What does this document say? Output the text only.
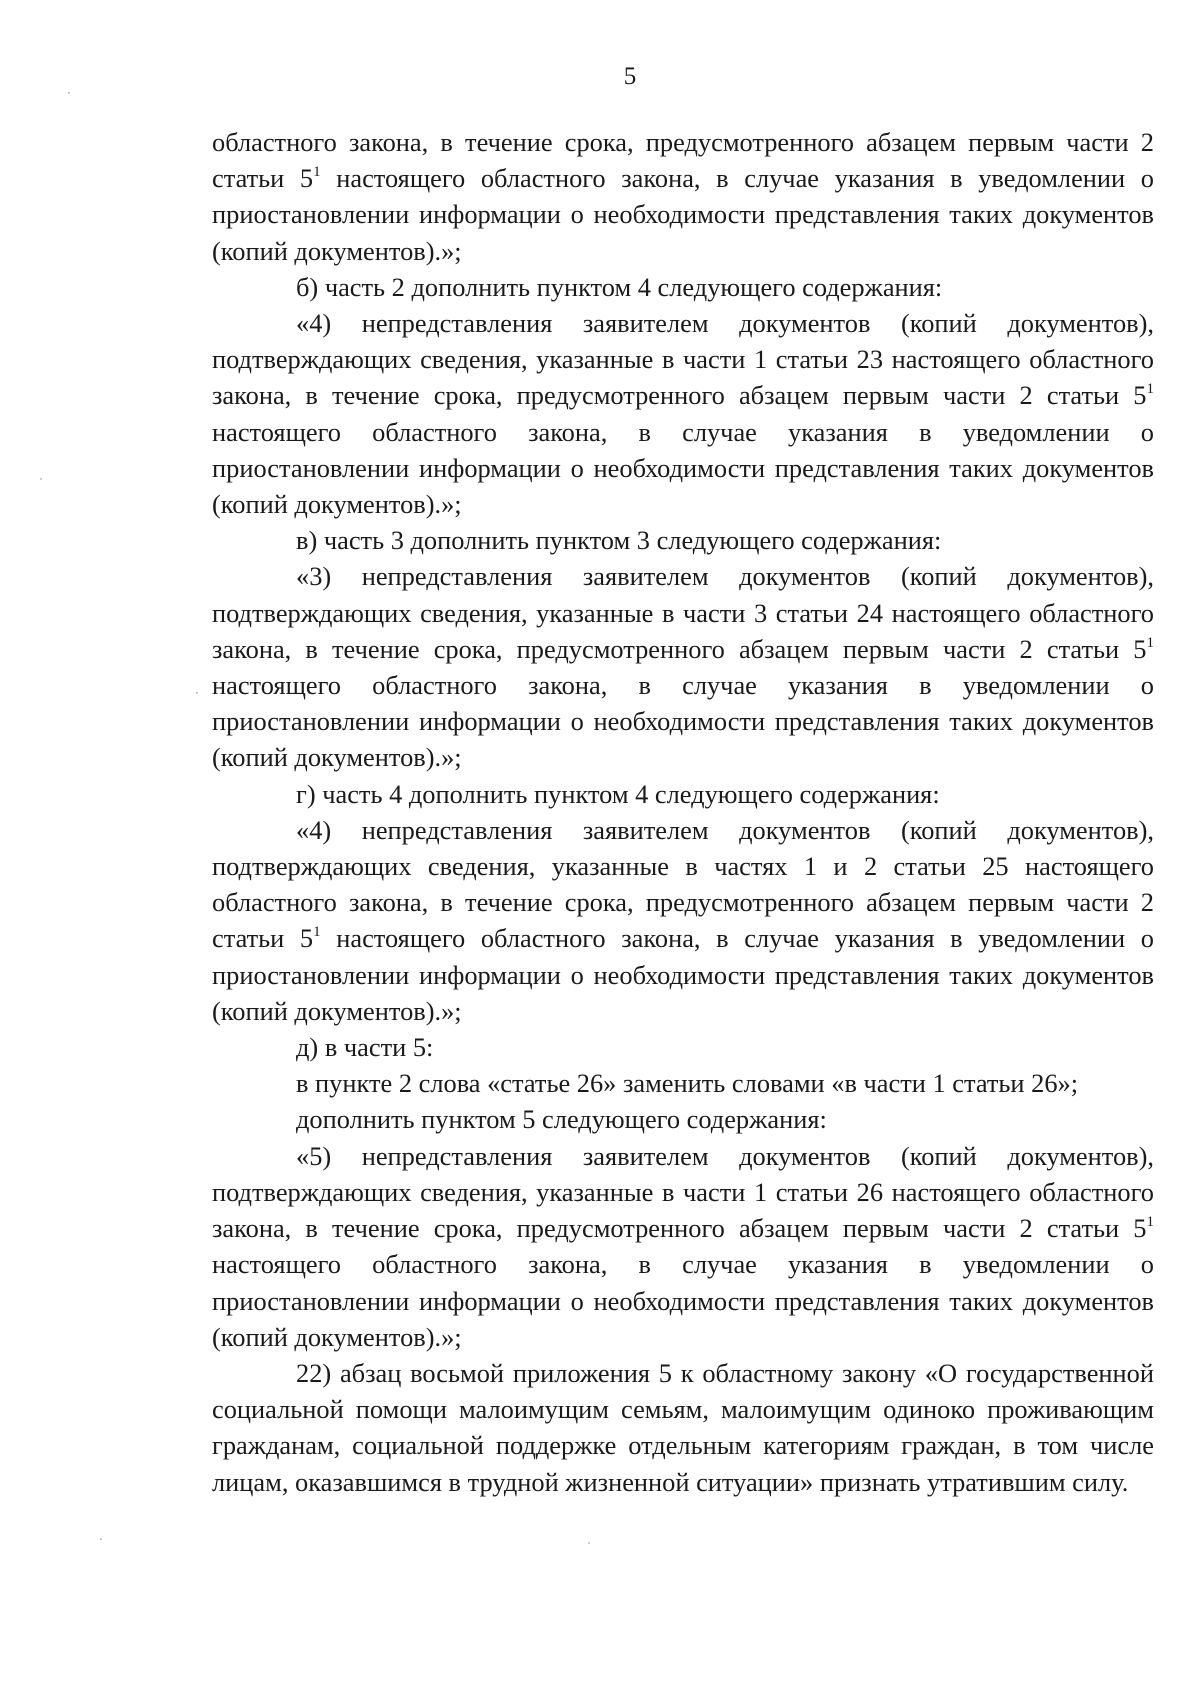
5

областного закона, в течение срока, предусмотренного абзацем первым части 2 статьи $5^1$ настоящего областного закона, в случае указания в уведомлении о приостановлении информации о необходимости представления таких документов (копий документов).»;

б) часть 2 дополнить пунктом 4 следующего содержания:

«4) непредставления заявителем документов (копий документов), подтверждающих сведения, указанные в части 1 статьи 23 настоящего областного закона, в течение срока, предусмотренного абзацем первым части 2 статьи $5^1$ настоящего областного закона, в случае указания в уведомлении о приостановлении информации о необходимости представления таких документов (копий документов).»;

в) часть 3 дополнить пунктом 3 следующего содержания:

«3) непредставления заявителем документов (копий документов), подтверждающих сведения, указанные в части 3 статьи 24 настоящего областного закона, в течение срока, предусмотренного абзацем первым части 2 статьи $5^1$ настоящего областного закона, в случае указания в уведомлении о приостановлении информации о необходимости представления таких документов (копий документов).»;

г) часть 4 дополнить пунктом 4 следующего содержания:

«4) непредставления заявителем документов (копий документов), подтверждающих сведения, указанные в частях 1 и 2 статьи 25 настоящего областного закона, в течение срока, предусмотренного абзацем первым части 2 статьи $5^1$ настоящего областного закона, в случае указания в уведомлении о приостановлении информации о необходимости представления таких документов (копий документов).»;

д) в части 5:

в пункте 2 слова «статье 26» заменить словами «в части 1 статьи 26»;

дополнить пунктом 5 следующего содержания:

«5) непредставления заявителем документов (копий документов), подтверждающих сведения, указанные в части 1 статьи 26 настоящего областного закона, в течение срока, предусмотренного абзацем первым части 2 статьи $5^1$ настоящего областного закона, в случае указания в уведомлении о приостановлении информации о необходимости представления таких документов (копий документов).»;

22) абзац восьмой приложения 5 к областному закону «О государственной социальной помощи малоимущим семьям, малоимущим одиноко проживающим гражданам, социальной поддержке отдельным категориям граждан, в том числе лицам, оказавшимся в трудной жизненной ситуации» признать утратившим силу.
